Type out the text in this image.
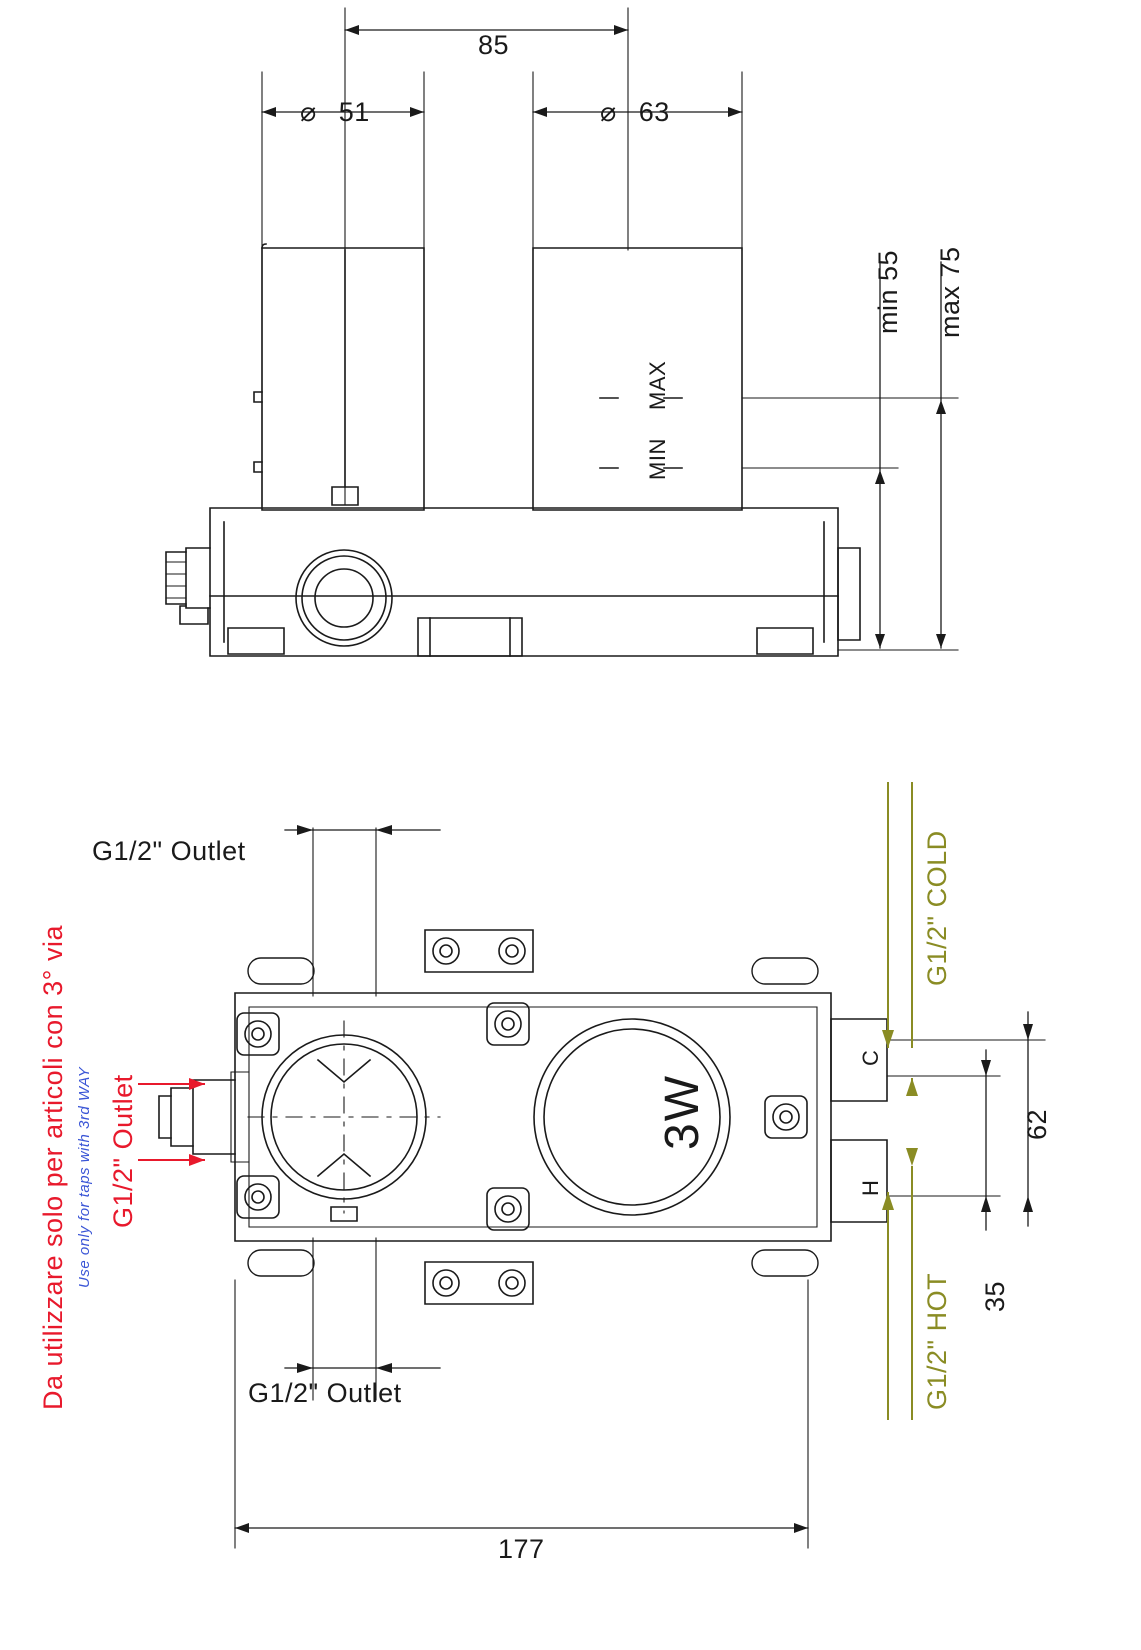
85
⌀ 51	⌀ 63
min 55 max 75
MAX
MIN
G1/2" Outlet
G1/2" Outlet
G1/2" Outlet
Da utilizzare solo per articoli con 3° via Use only for taps with 3rd WAY
G1/2" COLD
G1/2" HOT
C
H
3W	62
35
177
